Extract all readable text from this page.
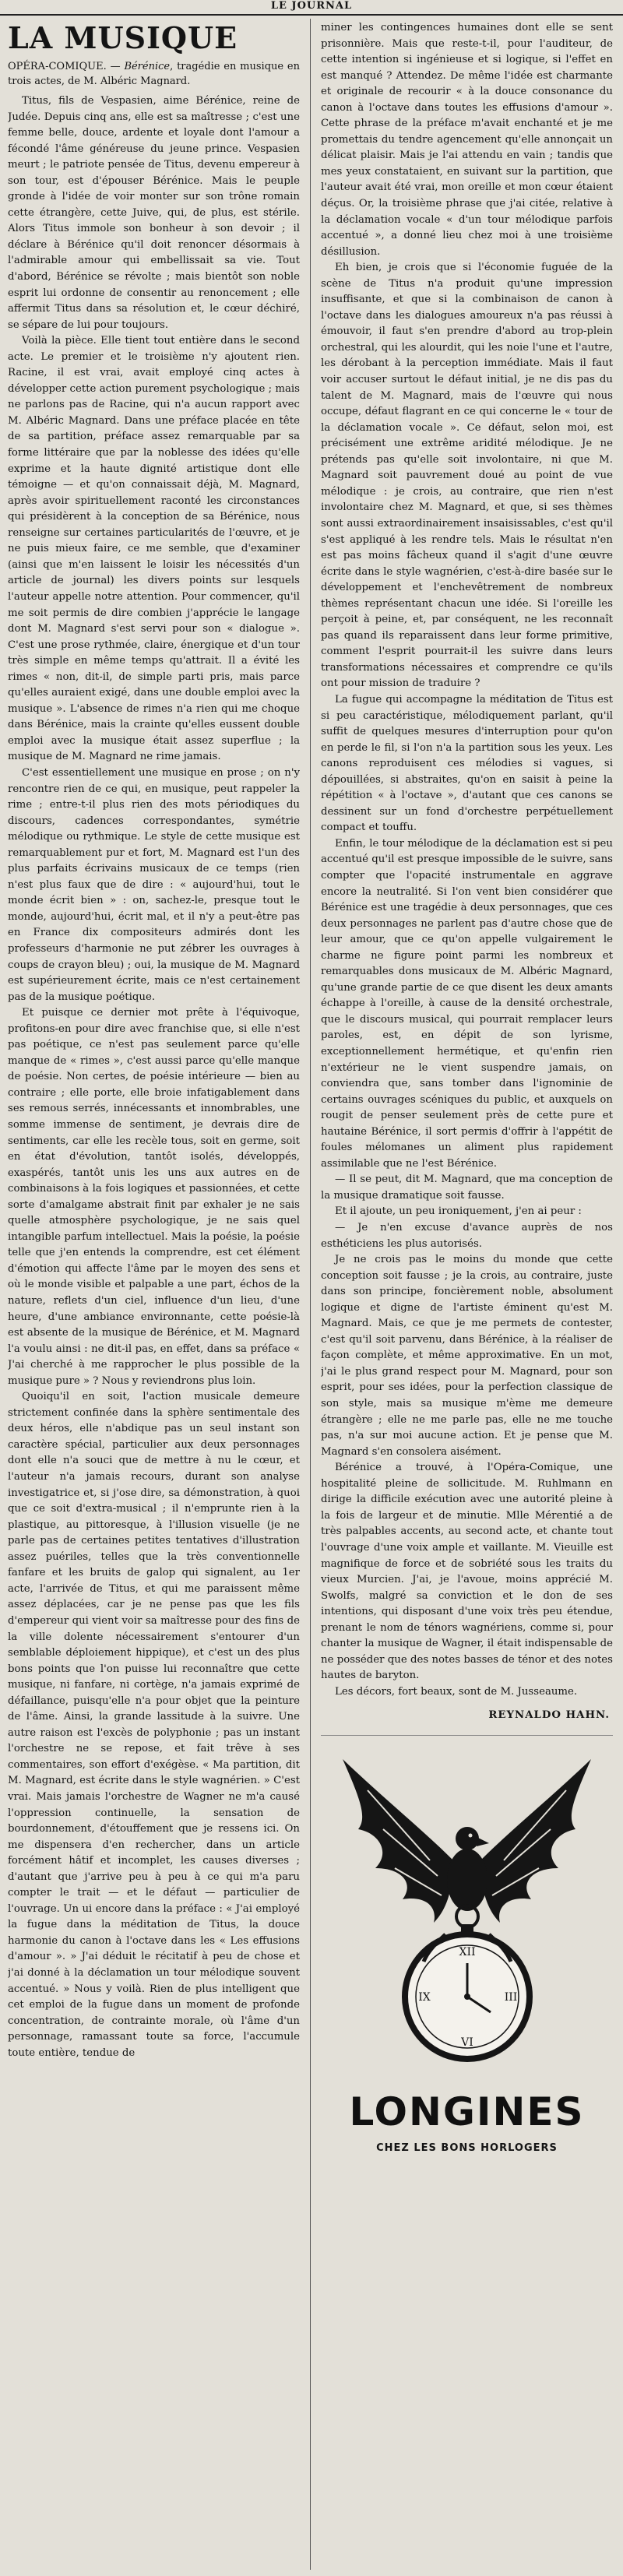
LE JOURNAL
LA MUSIQUE
OPÉRA-COMIQUE. — Bérénice, tragédie en musique en trois actes, de M. Albéric Magnard.

Titus, fils de Vespasien, aime Bérénice, reine de Judée. Depuis cinq ans, elle est sa maîtresse ; c'est une femme belle, douce, ardente et loyale dont l'amour a fécondé l'âme généreuse du jeune prince. Vespasien meurt ; le patriote pensée de Titus, devenu empereur à son tour, est d'épouser Bérénice. Mais le peuple gronde à l'idée de voir monter sur son trône romain cette étrangère, cette Juive, qui, de plus, est stérile. Alors Titus immole son bonheur à son devoir ; il déclare à Bérénice qu'il doit renoncer désormais à l'admirable amour qui embellissait sa vie. Tout d'abord, Bérénice se révolte ; mais bientôt son noble esprit lui ordonne de consentir au renoncement ; elle affermit Titus dans sa résolution et, le cœur déchiré, se sépare de lui pour toujours.

Voilà la pièce. Elle tient tout entière dans le second acte. Le premier et le troisième n'y ajoutent rien. Racine, il est vrai, avait employé cinq actes à développer cette action purement psychologique ; mais ne parlons pas de Racine, qui n'a aucun rapport avec M. Albéric Magnard. Dans une préface placée en tête de sa partition, préface assez remarquable par sa forme littéraire que par la noblesse des idées qu'elle exprime et la haute dignité artistique dont elle témoigne — et qu'on connaissait déjà, M. Magnard, après avoir spirituellement raconté les circonstances qui présidèrent à la conception de sa Bérénice, nous renseigne sur certaines particularités de l'œuvre, et je ne puis mieux faire, ce me semble, que d'examiner (ainsi que m'en laissent le loisir les nécessités d'un article de journal) les divers points sur lesquels l'auteur appelle notre attention. Pour commencer, qu'il me soit permis de dire combien j'apprécie le langage dont M. Magnard s'est servi pour son « dialogue ». C'est une prose rythmée, claire, énergique et d'un tour très simple en même temps qu'attrait. Il a évité les rimes « non, dit-il, de simple parti pris, mais parce qu'elles auraient exigé, dans une double emploi avec la musique ». L'absence de rimes n'a rien qui me choque dans Bérénice, mais la crainte qu'elles eussent double emploi avec la musique était assez superflue ; la musique de M. Magnard ne rime jamais.

C'est essentiellement une musique en prose ; on n'y rencontre rien de ce qui, en musique, peut rappeler la rime ; entre-t-il plus rien des mots périodiques du discours, cadences correspondantes, symétrie mélodique ou rythmique. Le style de cette musique est remarquablement pur et fort, M. Magnard est l'un des plus parfaits écrivains musicaux de ce temps (rien n'est plus faux que de dire : « aujourd'hui, tout le monde écrit bien » : on, sachez-le, presque tout le monde, aujourd'hui, écrit mal, et il n'y a peut-être pas en France dix compositeurs admirés dont les professeurs d'harmonie ne put zébrer les ouvrages à coups de crayon bleu) ; oui, la musique de M. Magnard est supérieurement écrite, mais ce n'est certainement pas de la musique poétique.

Et puisque ce dernier mot prête à l'équivoque, profitons-en pour dire avec franchise que, si elle n'est pas poétique, ce n'est pas seulement parce qu'elle manque de « rimes », c'est aussi parce qu'elle manque de poésie. Non certes, de poésie intérieure — bien au contraire ; elle porte, elle broie infatigablement dans ses remous serrés, innécessants et innombrables, une somme immense de sentiment, je devrais dire de sentiments, car elle les recèle tous, soit en germe, soit en état d'évolution, tantôt isolés, développés, exaspérés, tantôt unis les uns aux autres en de combinaisons à la fois logiques et passionnées, et cette sorte d'amalgame abstrait finit par exhaler je ne sais quelle atmosphère psychologique, je ne sais quel intangible parfum intellectuel. Mais la poésie, la poésie telle que j'en entends la comprendre, est cet élément d'émotion qui affecte l'âme par le moyen des sens et où le monde visible et palpable a une part, échos de la nature, reflets d'un ciel, influence d'un lieu, d'une heure, d'une ambiance environnante, cette poésie-là est absente de la musique de Bérénice, et M. Magnard l'a voulu ainsi : ne dit-il pas, en effet, dans sa préface « J'ai cherché à me rapprocher le plus possible de la musique pure » ? Nous y reviendrons plus loin.

Quoiqu'il en soit, l'action musicale demeure strictement confinée dans la sphère sentimentale des deux héros, elle n'abdique pas un seul instant son caractère spécial, particulier aux deux personnages dont elle n'a souci que de mettre à nu le cœur, et l'auteur n'a jamais recours, durant son analyse investigatrice et, si j'ose dire, sa démonstration, à quoi que ce soit d'extra-musical ; il n'emprunte rien à la plastique, au pittoresque, à l'illusion visuelle (je ne parle pas de certaines petites tentatives d'illustration assez puériles, telles que la très conventionnelle fanfare et les bruits de galop qui signalent, au 1er acte, l'arrivée de Titus, et qui me paraissent même assez déplacées, car je ne pense pas que les fils d'empereur qui vient voir sa maîtresse pour des fins de la ville dolente nécessairement s'entourer d'un semblable déploiement hippique), et c'est un des plus bons points que l'on puisse lui reconnaître que cette musique, ni fanfare, ni cortège, n'a jamais exprimé de défaillance, puisqu'elle n'a pour objet que la peinture de l'âme. Ainsi, la grande lassitude à la suivre. Une autre raison est l'excès de polyphonie ; pas un instant l'orchestre ne se repose, et fait trêve à ses commentaires, son effort d'exégèse. « Ma partition, dit M. Magnard, est écrite dans le style wagnérien. » C'est vrai. Mais jamais l'orchestre de Wagner ne m'a causé l'oppression continuelle, la sensation de bourdonnement, d'étouffement que je ressens ici. On me dispensera d'en rechercher, dans un article forcément hâtif et incomplet, les causes diverses ; d'autant que j'arrive peu à peu à ce qui m'a paru compter le trait — et le défaut — particulier de l'ouvrage. Un ui encore dans la préface : « J'ai employé la fugue dans la méditation de Titus, la douce harmonie du canon à l'octave dans les « Les effusions d'amour ». » J'ai déduit le récitatif à peu de chose et j'ai donné à la déclamation un tour mélodique souvent accentué. » Nous y voilà. Rien de plus intelligent que cet emploi de la fugue dans un moment de profonde concentration, de contrainte morale, où l'âme d'un personnage, ramassant toute sa force, l'accumule toute entière, tendue de

miner les contingences humaines dont elle se sent prisonnière. Mais que reste-t-il, pour l'auditeur, de cette intention si ingénieuse et si logique, si l'effet en est manqué ? Attendez. De même l'idée est charmante et originale de recourir « à la douce consonance du canon à l'octave dans toutes les effusions d'amour ». Cette phrase de la préface m'avait enchanté et je me promettais du tendre agencement qu'elle annonçait un délicat plaisir. Mais je l'ai attendu en vain ; tandis que mes yeux constataient, en suivant sur la partition, que l'auteur avait été vrai, mon oreille et mon cœur étaient déçus. Or, la troisième phrase que j'ai citée, relative à la déclamation vocale « d'un tour mélodique parfois accentué », a donné lieu chez moi à une troisième désillusion.

Eh bien, je crois que si l'économie fuguée de la scène de Titus n'a produit qu'une impression insuffisante, et que si la combinaison de canon à l'octave dans les dialogues amoureux n'a pas réussi à émouvoir, il faut s'en prendre d'abord au trop-plein orchestral, qui les alourdit, qui les noie l'une et l'autre, les dérobant à la perception immédiate. Mais il faut voir accuser surtout le défaut initial, je ne dis pas du talent de M. Magnard, mais de l'œuvre qui nous occupe, défaut flagrant en ce qui concerne le « tour de la déclamation vocale ». Ce défaut, selon moi, est précisément une extrême aridité mélodique. Je ne prétends pas qu'elle soit involontaire, ni que M. Magnard soit pauvrement doué au point de vue mélodique : je crois, au contraire, que rien n'est involontaire chez M. Magnard, et que, si ses thèmes sont aussi extraordinairement insaisissables, c'est qu'il s'est appliqué à les rendre tels. Mais le résultat n'en est pas moins fâcheux quand il s'agit d'une œuvre écrite dans le style wagnérien, c'est-à-dire basée sur le développement et l'enchevêtrement de nombreux thèmes représentant chacun une idée. Si l'oreille les perçoit à peine, et, par conséquent, ne les reconnaît pas quand ils reparaissent dans leur forme primitive, comment l'esprit pourrait-il les suivre dans leurs transformations nécessaires et comprendre ce qu'ils ont pour mission de traduire ?

La fugue qui accompagne la méditation de Titus est si peu caractéristique, mélodiquement parlant, qu'il suffit de quelques mesures d'interruption pour qu'on en perde le fil, si l'on n'a la partition sous les yeux. Les canons reproduisent ces mélodies si vagues, si dépouillées, si abstraites, qu'on en saisit à peine la répétition « à l'octave », d'autant que ces canons se dessinent sur un fond d'orchestre perpétuellement compact et touffu.

Enfin, le tour mélodique de la déclamation est si peu accentué qu'il est presque impossible de le suivre, sans compter que l'opacité instrumentale en aggrave encore la neutralité. Si l'on vent bien considérer que Bérénice est une tragédie à deux personnages, que ces deux personnages ne parlent pas d'autre chose que de leur amour, que ce qu'on appelle vulgairement le charme ne figure point parmi les nombreux et remarquables dons musicaux de M. Albéric Magnard, qu'une grande partie de ce que disent les deux amants échappe à l'oreille, à cause de la densité orchestrale, que le discours musical, qui pourrait remplacer leurs paroles, est, en dépit de son lyrisme, exceptionnellement hermétique, et qu'enfin rien n'extérieur ne le vient suspendre jamais, on conviendra que, sans tomber dans l'ignominie de certains ouvrages scéniques du public, et auxquels on rougit de penser seulement près de cette pure et hautaine Bérénice, il sort permis d'offrir à l'appétit de foules mélomanes un aliment plus rapidement assimilable que ne l'est Bérénice.

— Il se peut, dit M. Magnard, que ma conception de la musique dramatique soit fausse.

Et il ajoute, un peu ironiquement, j'en ai peur :

— Je n'en excuse d'avance auprès de nos esthéticiens les plus autorisés.

Je ne crois pas le moins du monde que cette conception soit fausse ; je la crois, au contraire, juste dans son principe, foncièrement noble, absolument logique et digne de l'artiste éminent qu'est M. Magnard. Mais, ce que je me permets de contester, c'est qu'il soit parvenu, dans Bérénice, à la réaliser de façon complète, et même approximative. En un mot, j'ai le plus grand respect pour M. Magnard, pour son esprit, pour ses idées, pour la perfection classique de son style, mais sa musique m'ème me demeure étrangère ; elle ne me parle pas, elle ne me touche pas, n'a sur moi aucune action. Et je pense que M. Magnard s'en consolera aisément.

Bérénice a trouvé, à l'Opéra-Comique, une hospitalité pleine de sollicitude. M. Ruhlmann en dirige la difficile exécution avec une autorité pleine à la fois de largeur et de minutie. Mlle Mérentié a de très palpables accents, au second acte, et chante tout l'ouvrage d'une voix ample et vaillante. M. Vieuille est magnifique de force et de sobriété sous les traits du vieux Murcien. J'ai, je l'avoue, moins apprécié M. Swolfs, malgré sa conviction et le don de ses intentions, qui disposant d'une voix très peu étendue, prenant le nom de ténors wagnériens, comme si, pour chanter la musique de Wagner, il était indispensable de ne posséder que des notes basses de ténor et des notes hautes de baryton.

Les décors, fort beaux, sont de M. Jusseaume.

REYNALDO HAHN.
XII
III
VI
IX
LONGINES
CHEZ LES BONS HORLOGERS
